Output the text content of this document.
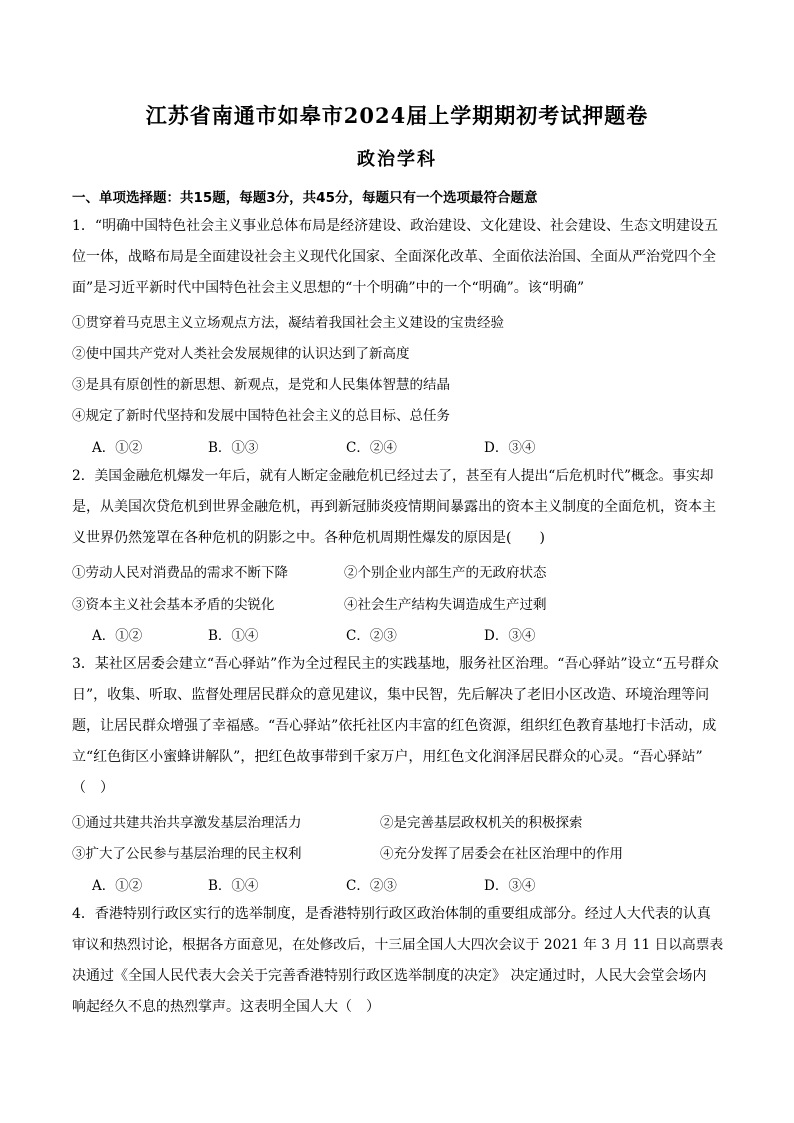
江苏省南通市如皋市2024届上学期期初考试押题卷
政治学科
一、单项选择题：共15题，每题3分，共45分，每题只有一个选项最符合题意
1．“明确中国特色社会主义事业总体布局是经济建设、政治建设、文化建设、社会建设、生态文明建设五
位一体，战略布局是全面建设社会主义现代化国家、全面深化改革、全面依法治国、全面从严治党四个全
面”是习近平新时代中国特色社会主义思想的“十个明确”中的一个“明确”。该“明确”
①贯穿着马克思主义立场观点方法，凝结着我国社会主义建设的宝贵经验
②使中国共产党对人类社会发展规律的认识达到了新高度
③是具有原创性的新思想、新观点，是党和人民集体智慧的结晶
④规定了新时代坚持和发展中国特色社会主义的总目标、总任务
A．①②	B．①③	C．②④	D．③④
2．美国金融危机爆发一年后，就有人断定金融危机已经过去了，甚至有人提出“后危机时代”概念。事实却
是，从美国次贷危机到世界金融危机，再到新冠肺炎疫情期间暴露出的资本主义制度的全面危机，资本主
义世界仍然笼罩在各种危机的阴影之中。各种危机周期性爆发的原因是(　　)
①劳动人民对消费品的需求不断下降	②个别企业内部生产的无政府状态
③资本主义社会基本矛盾的尖锐化	④社会生产结构失调造成生产过剩
A．①②	B．①④	C．②③	D．③④
3．某社区居委会建立“吾心驿站”作为全过程民主的实践基地，服务社区治理。“吾心驿站”设立“五号群众
日”，收集、听取、监督处理居民群众的意见建议，集中民智，先后解决了老旧小区改造、环境治理等问
题，让居民群众增强了幸福感。“吾心驿站”依托社区内丰富的红色资源，组织红色教育基地打卡活动，成
立“红色街区小蜜蜂讲解队”，把红色故事带到千家万户，用红色文化润泽居民群众的心灵。“吾心驿站”
（　）
①通过共建共治共享激发基层治理活力	②是完善基层政权机关的积极探索
③扩大了公民参与基层治理的民主权利	④充分发挥了居委会在社区治理中的作用
A．①②	B．①④	C．②③	D．③④
4．香港特别行政区实行的选举制度，是香港特别行政区政治体制的重要组成部分。经过人大代表的认真
审议和热烈讨论，根据各方面意见，在处修改后，十三届全国人大四次会议于 2021 年 3 月 11 日以高票表
决通过《全国人民代表大会关于完善香港特别行政区选举制度的决定》 决定通过时，人民大会堂会场内
响起经久不息的热烈掌声。这表明全国人大（　）
